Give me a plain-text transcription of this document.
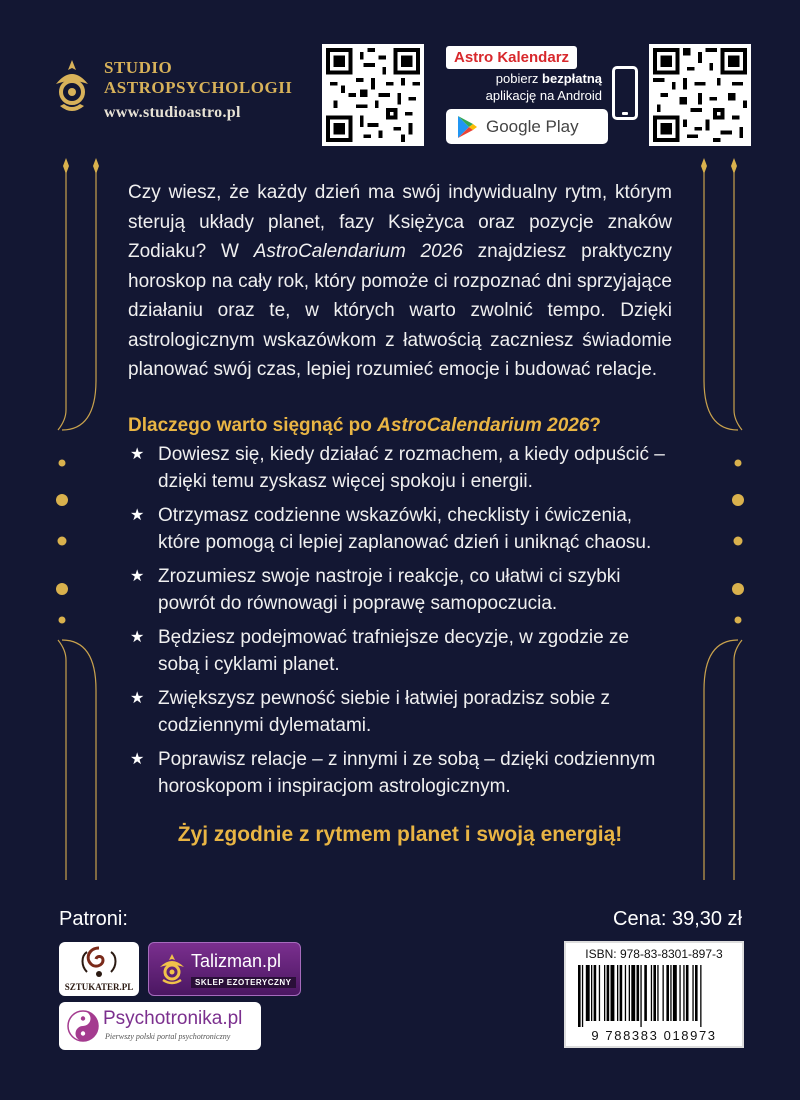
STUDIO
ASTROPSYCHOLOGII
www.studioastro.pl
Astro Kalendarz
pobierz bezpłatną
aplikację na Android
Google Play

Czy wiesz, że każdy dzień ma swój indywidualny rytm, którym sterują układy planet, fazy Księżyca oraz pozycje znaków Zodiaku? W AstroCalendarium 2026 znajdziesz praktyczny horoskop na cały rok, który pomoże ci rozpoznać dni sprzyjające działaniu oraz te, w których warto zwolnić tempo. Dzięki astrologicznym wskazówkom z łatwością zaczniesz świadomie planować swój czas, lepiej rozumieć emocje i budować relacje.

Dlaczego warto sięgnąć po AstroCalendarium 2026?

★ Dowiesz się, kiedy działać z rozmachem, a kiedy odpuścić – dzięki temu zyskasz więcej spokoju i energii.
★ Otrzymasz codzienne wskazówki, checklisty i ćwiczenia, które pomogą ci lepiej zaplanować dzień i uniknąć chaosu.
★ Zrozumiesz swoje nastroje i reakcje, co ułatwi ci szybki powrót do równowagi i poprawę samopoczucia.
★ Będziesz podejmować trafniejsze decyzje, w zgodzie ze sobą i cyklami planet.
★ Zwiększysz pewność siebie i łatwiej poradzisz sobie z codziennymi dylematami.
★ Poprawisz relacje – z innymi i ze sobą – dzięki codziennym horoskopom i inspiracjom astrologicznym.

Żyj zgodnie z rytmem planet i swoją energią!

Patroni:	Cena: 39,30 zł
SZTUKATER.PL
Talizman.pl
SKLEP EZOTERYCZNY
Psychotronika.pl
Pierwszy polski portal psychotroniczny
ISBN: 978-83-8301-897-3
9 788383 018973
